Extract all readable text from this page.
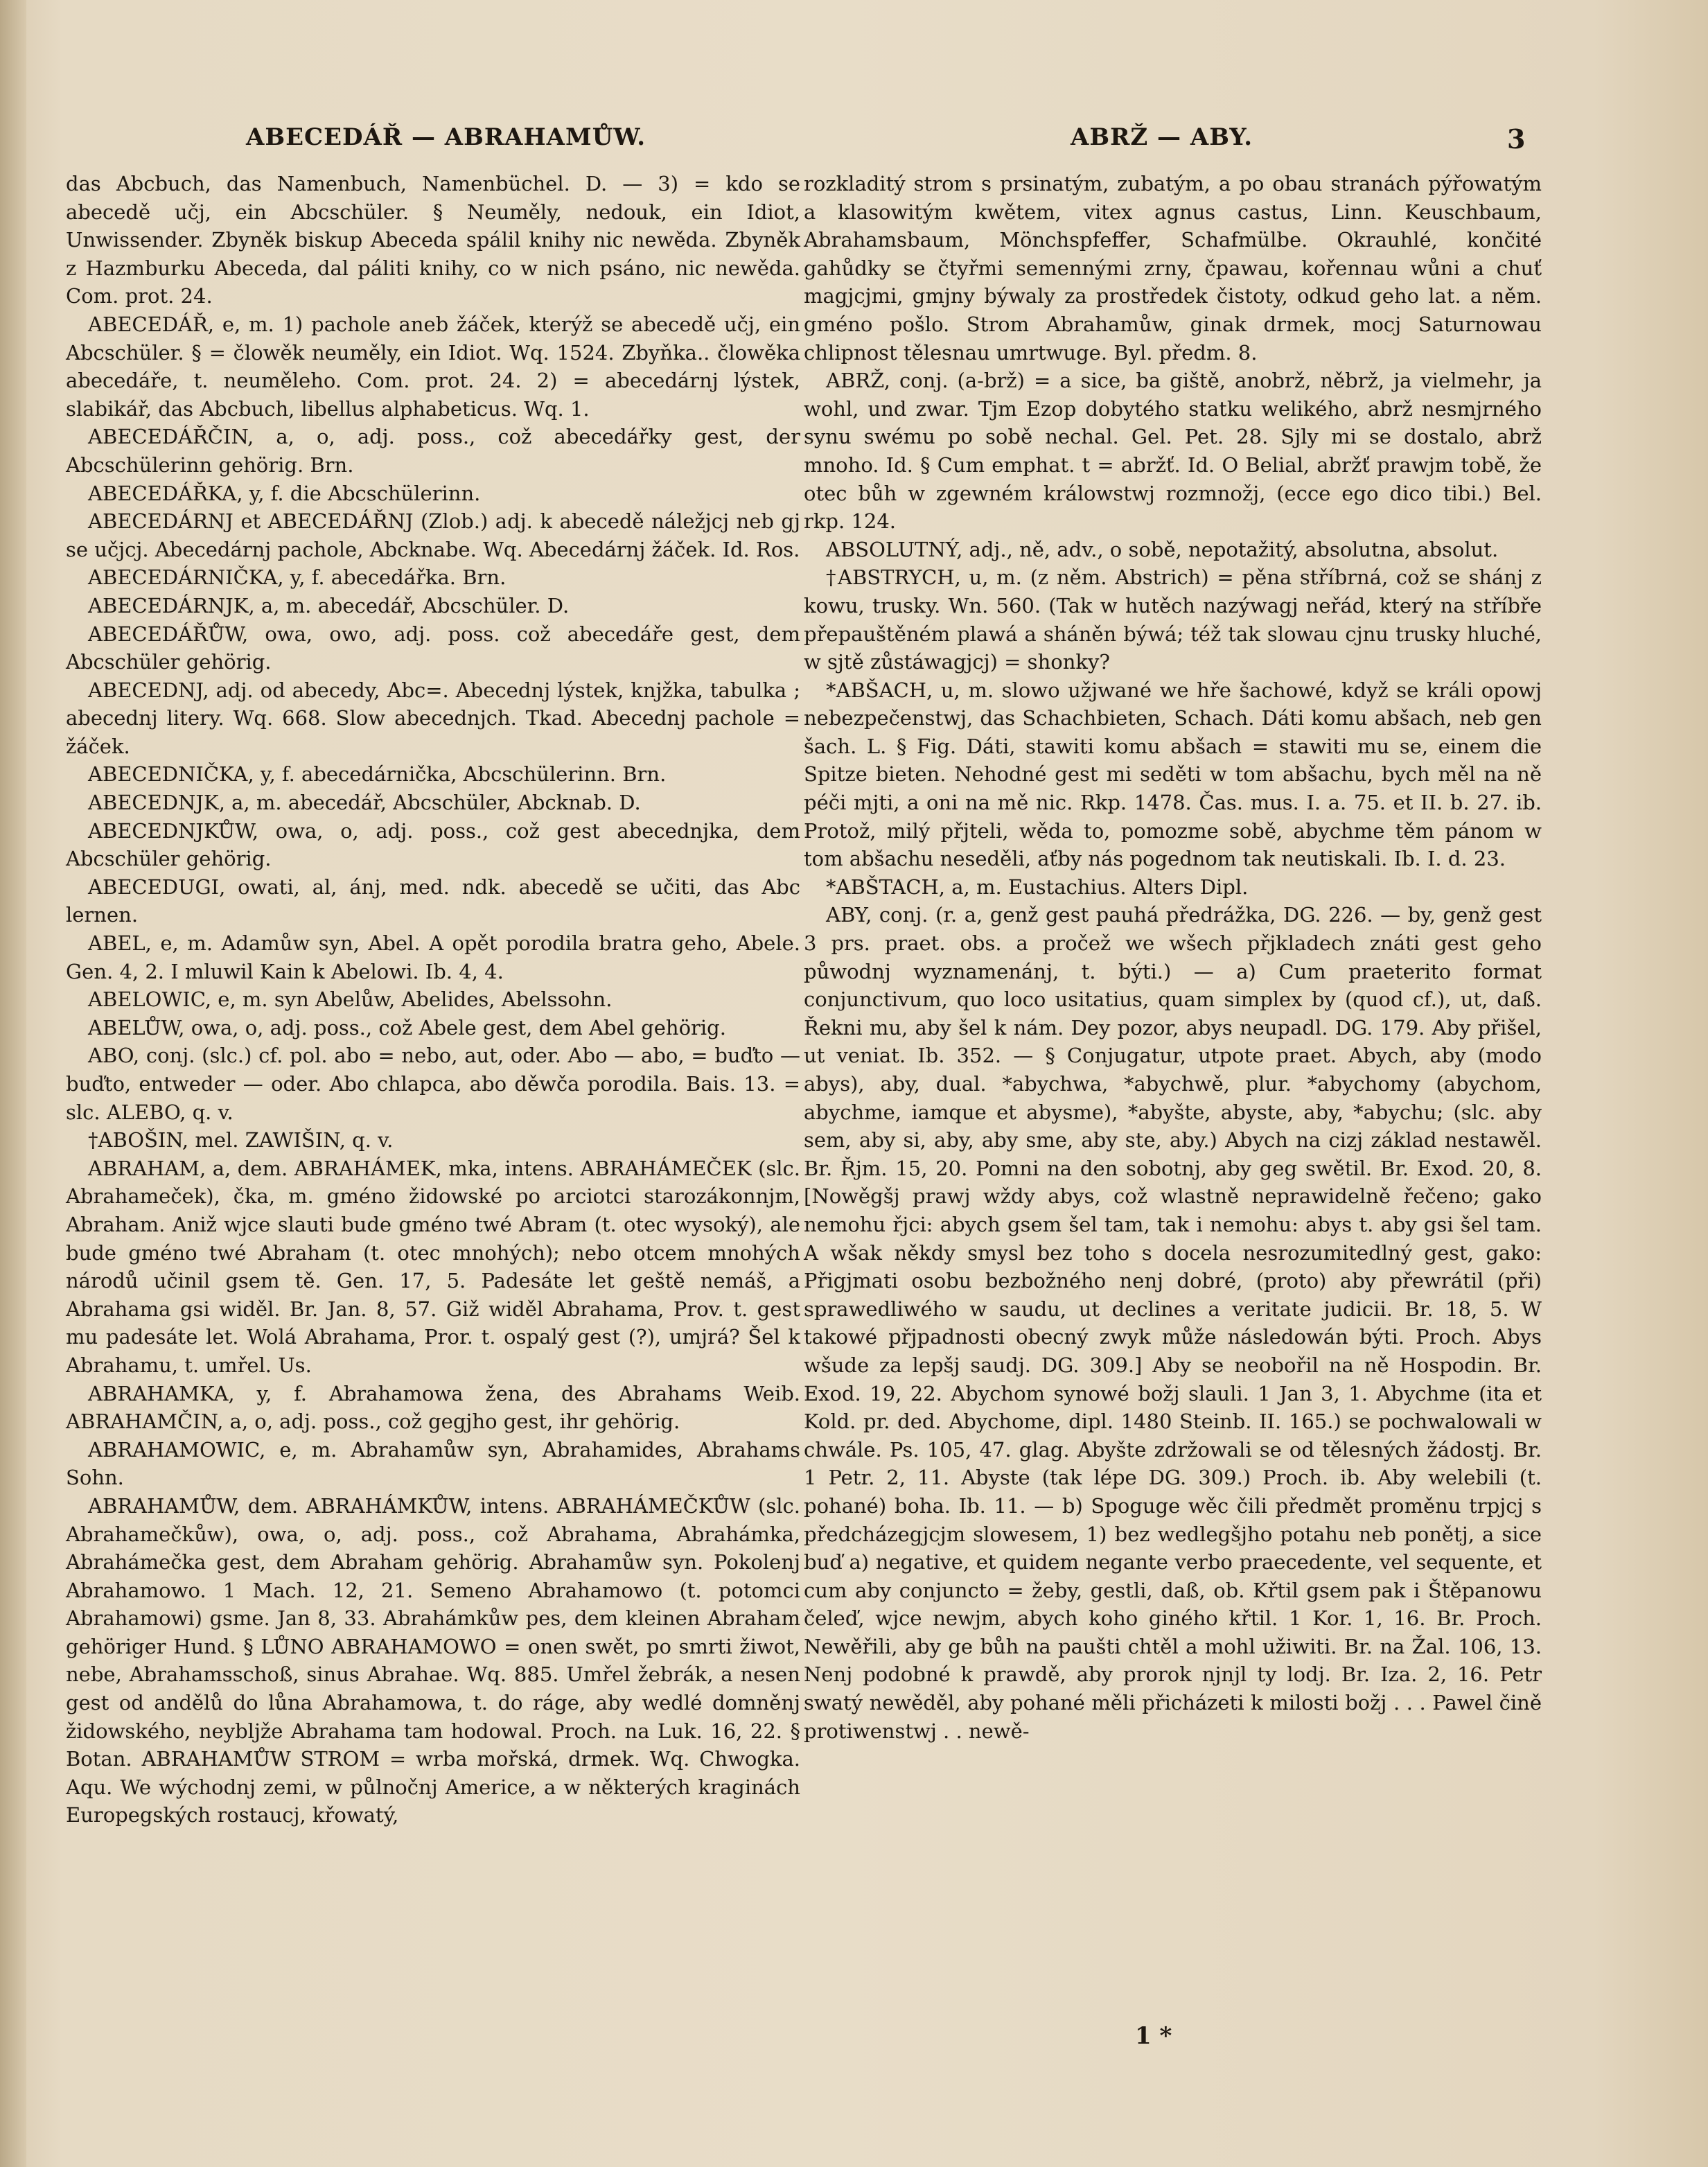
ABECEDÁŘ — ABRAHAMŮW.	ABRŽ — ABY.	3

das Abcbuch, das Namenbuch, Namenbüchel. D. — 3) = kdo se abecedě učj, ein Abcschüler. § Neuměly, nedouk, ein Idiot, Unwissender. Zbyněk biskup Abeceda spálil knihy nic newěda. Zbyněk z Hazmburku Abeceda, dal páliti knihy, co w nich psáno, nic newěda. Com. prot. 24.

ABECEDÁŘ, e, m. 1) pachole aneb žáček, kterýž se abecedě učj, ein Abcschüler. § = člowěk neuměly, ein Idiot. Wq. 1524. Zbyňka.. člowěka abecedáře, t. neuměleho. Com. prot. 24. 2) = abecedárnj lýstek, slabikář, das Abcbuch, libellus alphabeticus. Wq. 1.

ABECEDÁŘČIN, a, o, adj. poss., což abecedářky gest, der Abcschülerinn gehörig. Brn.

ABECEDÁŘKA, y, f. die Abcschülerinn.

ABECEDÁRNJ et ABECEDÁŘNJ (Zlob.) adj. k abecedě náležjcj neb gj se učjcj. Abecedárnj pachole, Abcknabe. Wq. Abecedárnj žáček. Id. Ros.

ABECEDÁRNIČKA, y, f. abecedářka. Brn.

ABECEDÁRNJK, a, m. abecedář, Abcschüler. D.

ABECEDÁŘŮW, owa, owo, adj. poss. což abecedáře gest, dem Abcschüler gehörig.

ABECEDNJ, adj. od abecedy, Abc=. Abecednj lýstek, knjžka, tabulka ; abecednj litery. Wq. 668. Slow abecednjch. Tkad. Abecednj pachole = žáček.

ABECEDNIČKA, y, f. abecedárnička, Abcschülerinn. Brn.

ABECEDNJK, a, m. abecedář, Abcschüler, Abcknab. D.

ABECEDNJKŮW, owa, o, adj. poss., což gest abecednjka, dem Abcschüler gehörig.

ABECEDUGI, owati, al, ánj, med. ndk. abecedě se učiti, das Abc lernen.

ABEL, e, m. Adamůw syn, Abel. A opět porodila bratra geho, Abele. Gen. 4, 2. I mluwil Kain k Abelowi. Ib. 4, 4.

ABELOWIC, e, m. syn Abelůw, Abelides, Abelssohn.

ABELŮW, owa, o, adj. poss., což Abele gest, dem Abel gehörig.

ABO, conj. (slc.) cf. pol. abo = nebo, aut, oder. Abo — abo, = buďto — buďto, entweder — oder. Abo chlapca, abo děwča porodila. Bais. 13. = slc. ALEBO, q. v.

†ABOŠIN, mel. ZAWIŠIN, q. v.

ABRAHAM, a, dem. ABRAHÁMEK, mka, intens. ABRAHÁMEČEK (slc. Abrahameček), čka, m. gméno židowské po arciotci starozákonnjm, Abraham. Aniž wjce slauti bude gméno twé Abram (t. otec wysoký), ale bude gméno twé Abraham (t. otec mnohých); nebo otcem mnohých národů učinil gsem tě. Gen. 17, 5. Padesáte let geště nemáš, a Abrahama gsi widěl. Br. Jan. 8, 57. Giž widěl Abrahama, Prov. t. gest mu padesáte let. Wolá Abrahama, Pror. t. ospalý gest (?), umjrá? Šel k Abrahamu, t. umřel. Us.

ABRAHAMKA, y, f. Abrahamowa žena, des Abrahams Weib. ABRAHAMČIN, a, o, adj. poss., což gegjho gest, ihr gehörig.

ABRAHAMOWIC, e, m. Abrahamůw syn, Abrahamides, Abrahams Sohn.

ABRAHAMŮW, dem. ABRAHÁMKŮW, intens. ABRAHÁMEČKŮW (slc. Abrahamečkůw), owa, o, adj. poss., což Abrahama, Abrahámka, Abrahámečka gest, dem Abraham gehörig. Abrahamůw syn. Pokolenj Abrahamowo. 1 Mach. 12, 21. Semeno Abrahamowo (t. potomci Abrahamowi) gsme. Jan 8, 33. Abrahámkůw pes, dem kleinen Abraham gehöriger Hund. § LŮNO ABRAHAMOWO = onen swět, po smrti žiwot, nebe, Abrahamsschoß, sinus Abrahae. Wq. 885. Umřel žebrák, a nesen gest od andělů do lůna Abrahamowa, t. do ráge, aby wedlé domněnj židowského, neybljže Abrahama tam hodowal. Proch. na Luk. 16, 22. § Botan. ABRAHAMŮW STROM = wrba mořská, drmek. Wq. Chwogka. Aqu. We wýchodnj zemi, w půlnočnj Americe, a w některých kraginách Europegských rostaucj, křowatý,

rozkladitý strom s prsinatým, zubatým, a po obau stranách pýřowatým a klasowitým kwětem, vitex agnus castus, Linn. Keuschbaum, Abrahamsbaum, Mönchspfeffer, Schafmülbe. Okrauhlé, končité gahůdky se čtyřmi semennými zrny, čpawau, kořennau wůni a chuť magjcjmi, gmjny býwaly za prostředek čistoty, odkud gehо lat. a něm. gméno pošlo. Strom Abrahamůw, ginak drmek, mocj Saturnowau chlipnost tělesnau umrtwuge. Byl. předm. 8.

ABRŽ, conj. (a-brž) = a sice, ba giště, anobrž, něbrž, ja vielmehr, ja wohl, und zwar. Tjm Ezop dobytého statku welikého, abrž nesmjrného synu swému po sobě nechal. Gel. Pet. 28. Sjly mi se dostalo, abrž mnoho. Id. § Cum emphat. t = abržť. Id. O Belial, abržť prawjm tobě, že otec bůh w zgewném králowstwj rozmnožj, (ecce ego dico tibi.) Bel. rkp. 124.

ABSOLUTNÝ, adj., ně, adv., o sobě, nepotažitý, absolutna, absolut.

†ABSTRYCH, u, m. (z něm. Abstrich) = pěna stříbrná, což se shánj z kowu, trusky. Wn. 560. (Tak w hutěch nazýwagj neřád, který na stříbře přepauštěném plawá a sháněn býwá; též tak slowau cjnu trusky hluché, w sjtě zůstáwagjcj) = shonky?

*ABŠACH, u, m. slowo užjwané we hře šachowé, když se králi opowj nebezpečenstwj, das Schachbieten, Schach. Dáti komu abšach, neb gen šach. L. § Fig. Dáti, stawiti komu abšach = stawiti mu se, einem die Spitze bieten. Nehodné gest mi seděti w tom abšachu, bych měl na ně péči mjti, a oni na mě nic. Rkp. 1478. Čas. mus. I. a. 75. et II. b. 27. ib. Protož, milý přjteli, wěda to, pomozme sobě, abychme těm pánom w tom abšachu neseděli, aťby nás pogednom tak neutiskali. Ib. I. d. 23.

*ABŠTACH, a, m. Eustachius. Alters Dipl.

ABY, conj. (r. a, genž gest pauhá předrážka, DG. 226. — by, genž gest 3 prs. praet. obs. a pročež we wšech přjkladech znáti gest geho půwodnj wyznamenánj, t. býti.) — a) Cum praeterito format conjunctivum, quo loco usitatius, quam simplex by (quod cf.), ut, daß. Řekni mu, aby šel k nám. Dey pozor, abys neupadl. DG. 179. Aby přišel, ut veniat. Ib. 352. — § Conjugatur, utpote praet. Abych, aby (modo abys), aby, dual. *abychwa, *abychwě, plur. *abychomy (abychom, abychme, iamque et abysme), *abyšte, abyste, aby, *abychu; (slc. aby sem, aby si, aby, aby sme, aby ste, aby.) Abych na cizj základ nestawěl. Br. Řjm. 15, 20. Pomni na den sobotnj, aby geg swětil. Br. Exod. 20, 8. [Nowěgšj prawj wždy abys, což wlastně neprawidelně řečeno; gako nemohu řjci: abych gsem šel tam, tak i nemohu: abys t. aby gsi šel tam. A wšak někdy smysl bez toho s docela nesrozumitedlný gest, gako: Přigjmati osobu bezbožného nenj dobré, (proto) aby přewrátil (při) sprawedliwého w saudu, ut declines a veritate judicii. Br. 18, 5. W takowé přjpadnosti obecný zwyk může následowán býti. Proch. Abys wšude za lepšj saudj. DG. 309.] Aby se neobořil na ně Hospodin. Br. Exod. 19, 22. Abychom synowé božj slauli. 1 Jan 3, 1. Abychme (ita et Kold. pr. ded. Abychome, dipl. 1480 Steinb. II. 165.) se pochwalowali w chwále. Ps. 105, 47. glag. Abyšte zdržowali se od tělesných žádostj. Br. 1 Petr. 2, 11. Abyste (tak lépe DG. 309.) Proch. ib. Aby welebili (t. pohané) boha. Ib. 11. — b) Spoguge wěc čili předmět proměnu trpjcj s předcházegjcjm slowesem, 1) bez wedlegšjho potahu neb ponětj, a sice buď a) negative, et quidem negante verbo praecedente, vel sequente, et cum aby conjuncto = žeby, gestli, daß, ob. Křtil gsem pak i Štěpanowu čeleď, wjce newjm, abych koho giného křtil. 1 Kor. 1, 16. Br. Proch. Newěřili, aby ge bůh na paušti chtěl a mohl užiwiti. Br. na Žal. 106, 13. Nenj podobné k prawdě, aby prorok njnjl ty lodj. Br. Iza. 2, 16. Petr swatý newěděl, aby pohané měli přicházeti k milosti božj . . . Pawel čině protiwenstwj . . newě-

1 *
